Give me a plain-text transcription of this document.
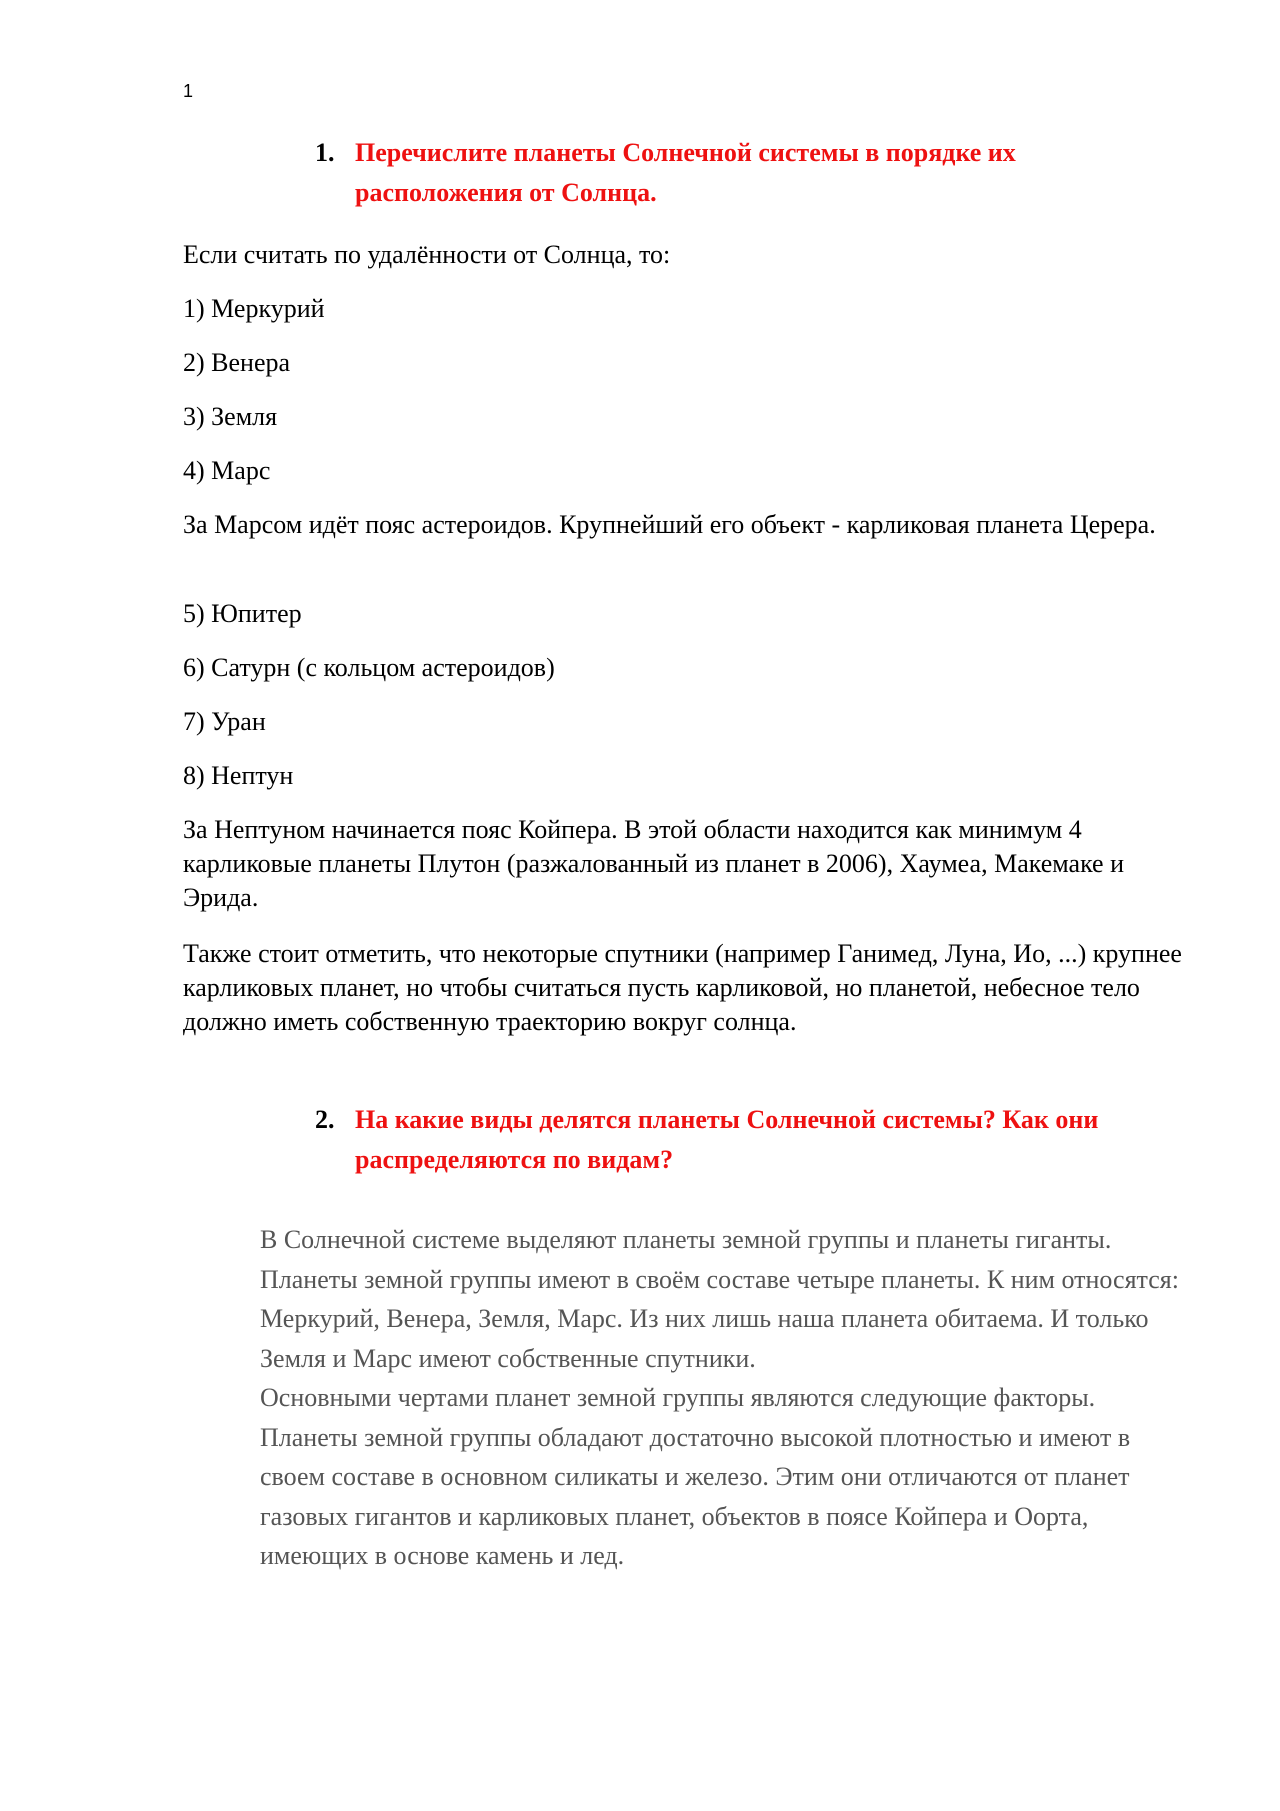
1
1. Перечислите планеты Солнечной системы в порядке их расположения от Солнца.

Если считать по удалённости от Солнца, то:

1) Меркурий

2) Венера

3) Земля

4) Марс

За Марсом идёт пояс астероидов. Крупнейший его объект - карликовая планета Церера.

5) Юпитер

6) Сатурн (с кольцом астероидов)

7) Уран

8) Нептун

За Нептуном начинается пояс Койпера. В этой области находится как минимум 4 карликовые планеты Плутон (разжалованный из планет в 2006), Хаумеа, Макемаке и Эрида.

Также стоит отметить, что некоторые спутники (например Ганимед, Луна, Ио, ...) крупнее карликовых планет, но чтобы считаться пусть карликовой, но планетой, небесное тело должно иметь собственную траекторию вокруг солнца.

2. На какие виды делятся планеты Солнечной системы? Как они распределяются по видам?
В Солнечной системе выделяют планеты земной группы и планеты гиганты.
Планеты земной группы имеют в своём составе четыре планеты. К ним относятся: Меркурий, Венера, Земля, Марс. Из них лишь наша планета обитаема. И только Земля и Марс имеют собственные спутники.
Основными чертами планет земной группы являются следующие факторы.
Планеты земной группы обладают достаточно высокой плотностью и имеют в своем составе в основном силикаты и железо. Этим они отличаются от планет газовых гигантов и карликовых планет, объектов в поясе Койпера и Оорта, имеющих в основе камень и лед.
